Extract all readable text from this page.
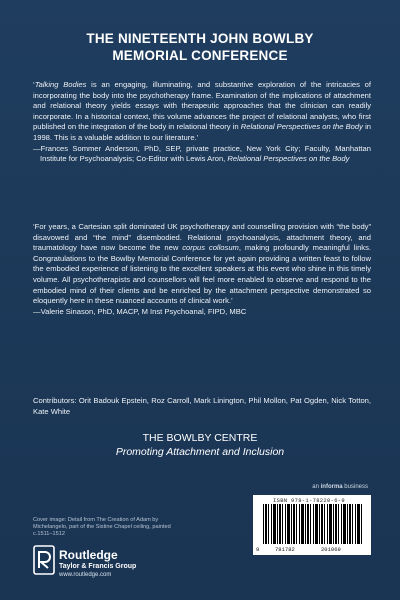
THE NINETEENTH JOHN BOWLBY
MEMORIAL CONFERENCE

‘Talking Bodies is an engaging, illuminating, and substantive exploration of the intricacies of incorporating the body into the psychotherapy frame. Examination of the implications of attachment and relational theory yields essays with therapeutic approaches that the clinician can readily incorporate. In a historical context, this volume advances the project of relational analysts, who first published on the integration of the body in relational theory in Relational Perspectives on the Body in 1998. This is a valuable addition to our literature.’

—Frances Sommer Anderson, PhD, SEP, private practice, New York City; Faculty, Manhattan Institute for Psychoanalysis; Co-Editor with Lewis Aron, Relational Perspectives on the Body

‘For years, a Cartesian split dominated UK psychotherapy and counselling provision with “the body” disavowed and “the mind” disembodied. Relational psychoanalysis, attachment theory, and traumatology have now become the new corpus collosum, making profoundly meaningful links. Congratulations to the Bowlby Memorial Conference for yet again providing a written feast to follow the embodied experience of listening to the excellent speakers at this event who shine in this timely volume. All psychotherapists and counsellors will feel more enabled to observe and respond to the embodied mind of their clients and be enriched by the attachment perspective demonstrated so eloquently here in these nuanced accounts of clinical work.’

—Valerie Sinason, PhD, MACP, M Inst Psychoanal, FIPD, MBC

Contributors: Orit Badouk Epstein, Roz Carroll, Mark Linington, Phil Mollon, Pat Ogden, Nick Totton, Kate White
THE BOWLBY CENTRE
Promoting Attachment and Inclusion
an informa business
ISBN 978-1-78220-6-9
9	781782	201069
Cover image: Detail from The Creation of Adam by Michelangelo, part of the Sistine Chapel ceiling, painted c.1511–1512
Routledge
Taylor & Francis Group
www.routledge.com
